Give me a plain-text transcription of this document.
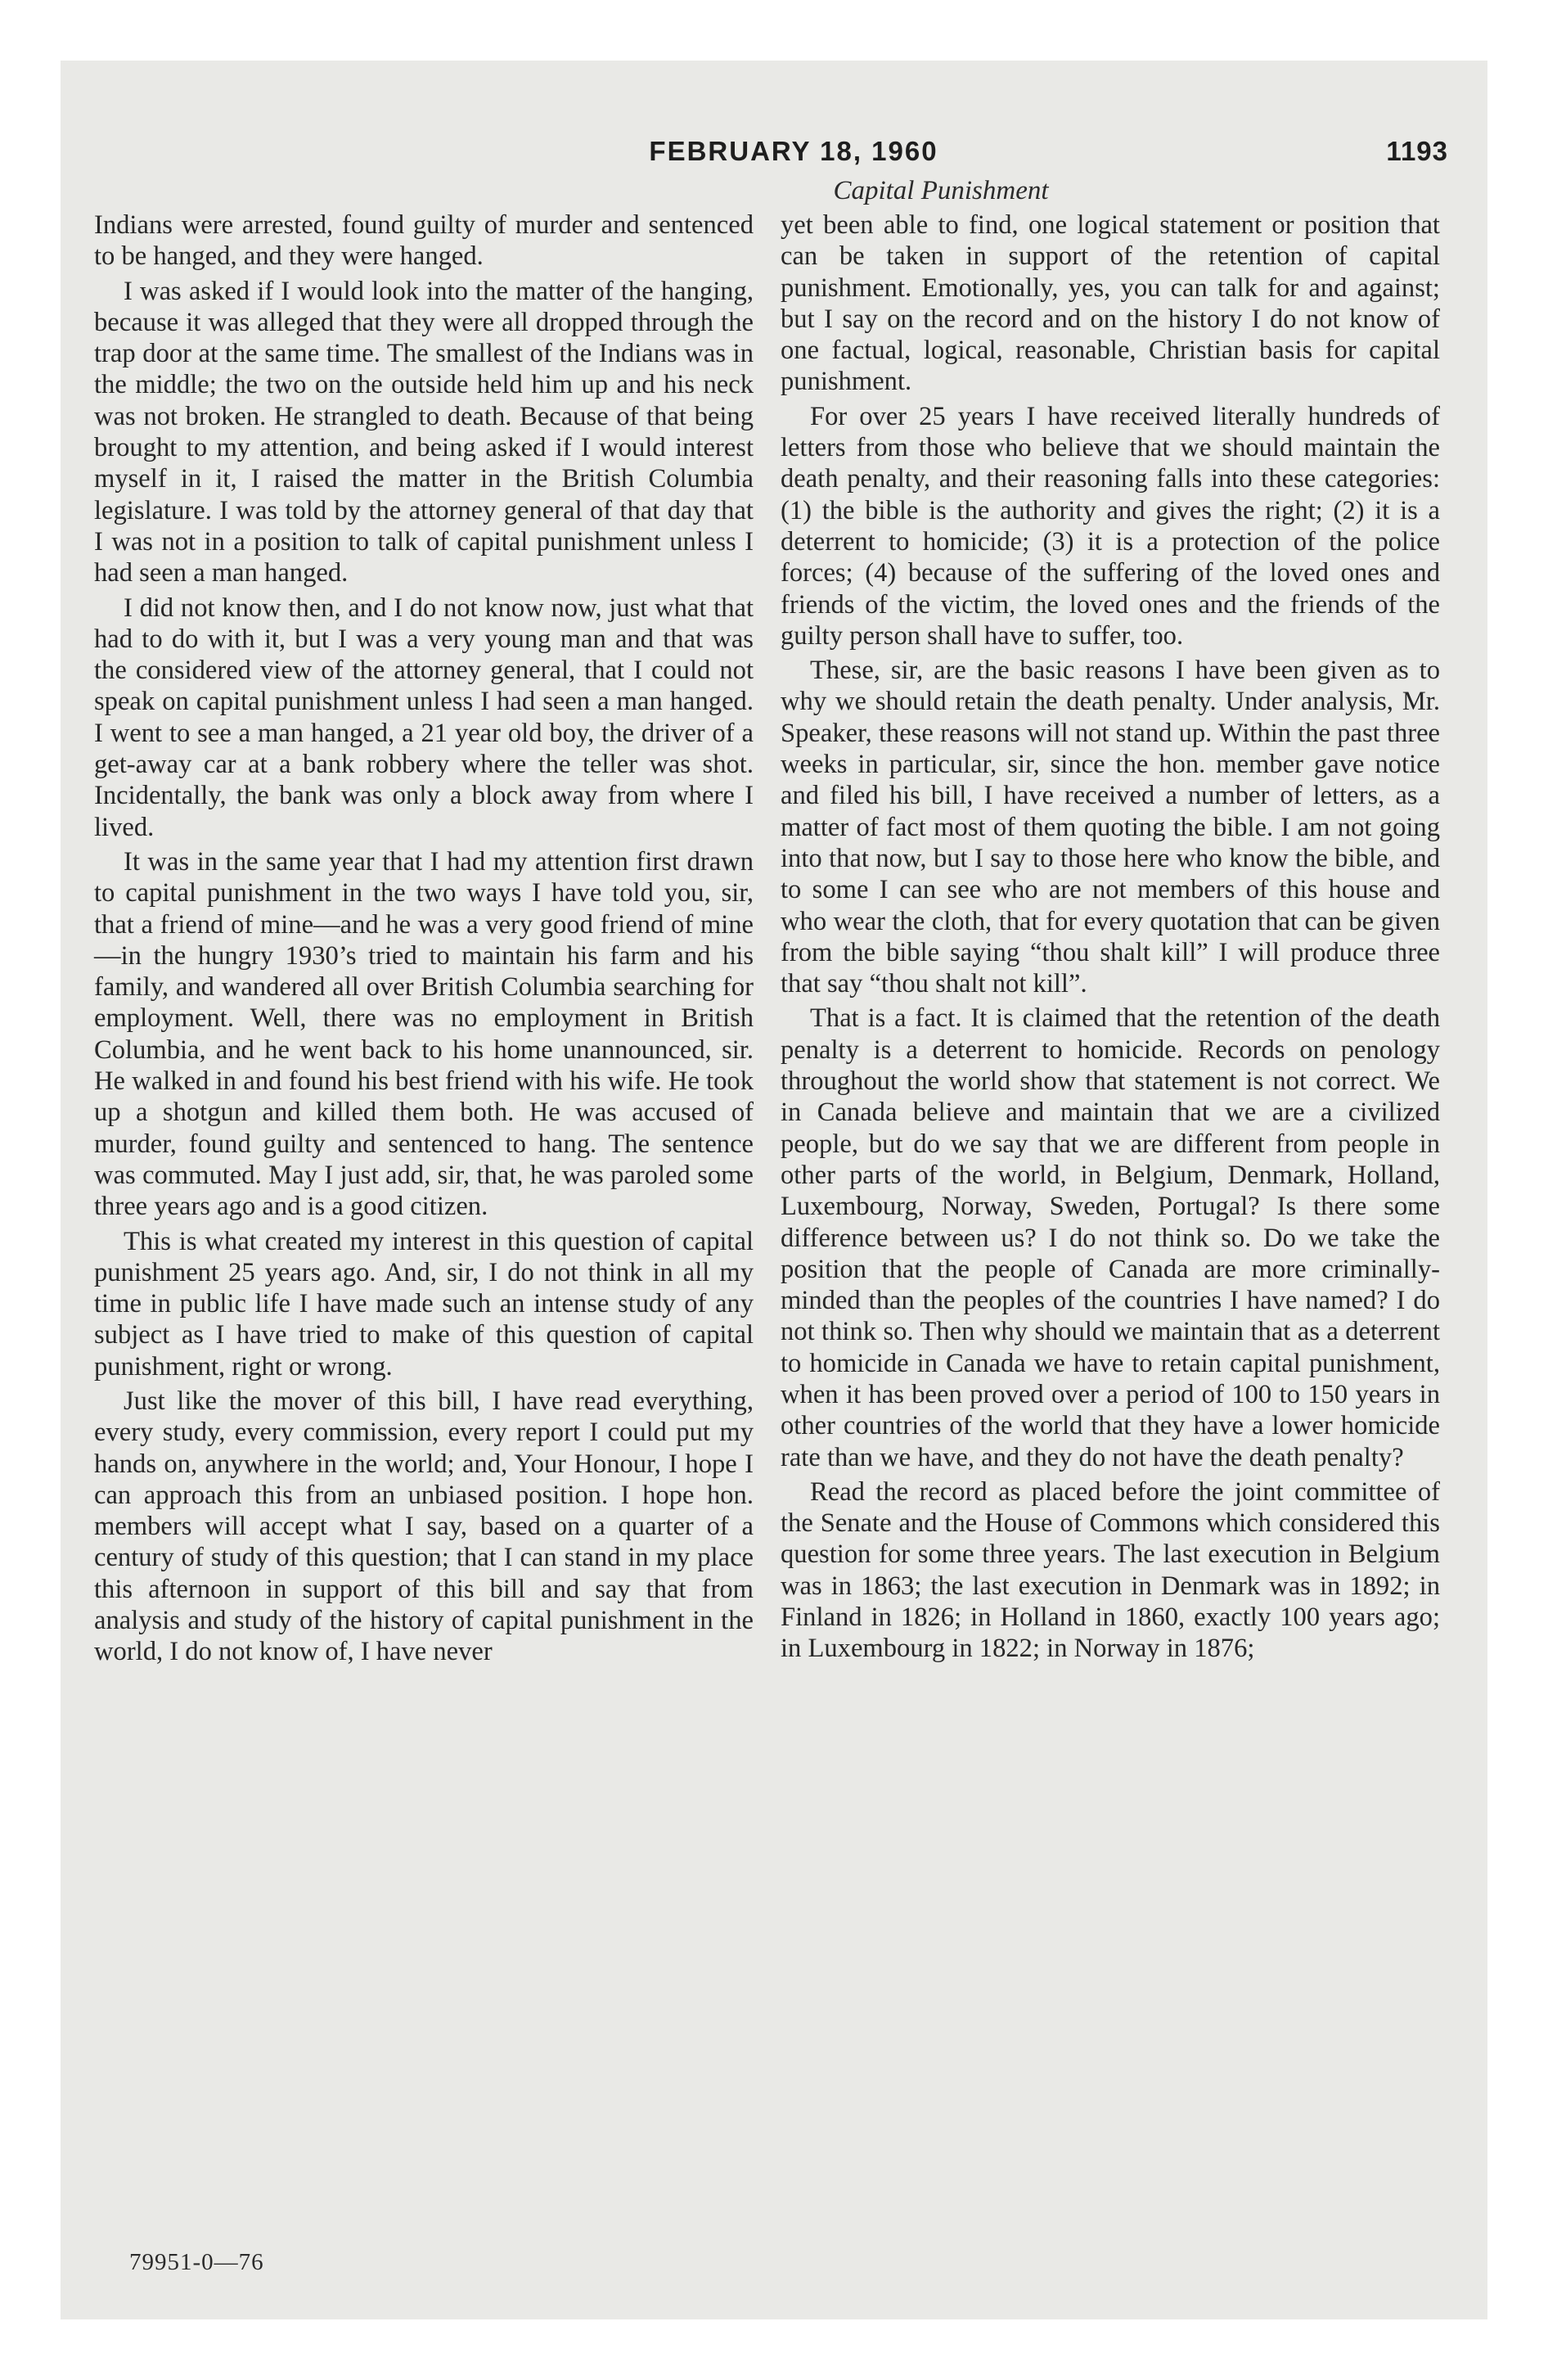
FEBRUARY 18, 1960	1193
Capital Punishment

Indians were arrested, found guilty of murder and sentenced to be hanged, and they were hanged.

I was asked if I would look into the matter of the hanging, because it was alleged that they were all dropped through the trap door at the same time. The smallest of the Indians was in the middle; the two on the outside held him up and his neck was not broken. He strangled to death. Because of that being brought to my attention, and being asked if I would interest myself in it, I raised the matter in the British Columbia legislature. I was told by the attorney general of that day that I was not in a position to talk of capital punishment unless I had seen a man hanged.

I did not know then, and I do not know now, just what that had to do with it, but I was a very young man and that was the considered view of the attorney general, that I could not speak on capital punishment unless I had seen a man hanged. I went to see a man hanged, a 21 year old boy, the driver of a get-away car at a bank robbery where the teller was shot. Incidentally, the bank was only a block away from where I lived.

It was in the same year that I had my attention first drawn to capital punishment in the two ways I have told you, sir, that a friend of mine—and he was a very good friend of mine—in the hungry 1930’s tried to maintain his farm and his family, and wandered all over British Columbia searching for employment. Well, there was no employment in British Columbia, and he went back to his home unannounced, sir. He walked in and found his best friend with his wife. He took up a shotgun and killed them both. He was accused of murder, found guilty and sentenced to hang. The sentence was commuted. May I just add, sir, that, he was paroled some three years ago and is a good citizen.

This is what created my interest in this question of capital punishment 25 years ago. And, sir, I do not think in all my time in public life I have made such an intense study of any subject as I have tried to make of this question of capital punishment, right or wrong.

Just like the mover of this bill, I have read everything, every study, every commission, every report I could put my hands on, anywhere in the world; and, Your Honour, I hope I can approach this from an unbiased position. I hope hon. members will accept what I say, based on a quarter of a century of study of this question; that I can stand in my place this afternoon in support of this bill and say that from analysis and study of the history of capital punishment in the world, I do not know of, I have never

yet been able to find, one logical statement or position that can be taken in support of the retention of capital punishment. Emotionally, yes, you can talk for and against; but I say on the record and on the history I do not know of one factual, logical, reasonable, Christian basis for capital punishment.

For over 25 years I have received literally hundreds of letters from those who believe that we should maintain the death penalty, and their reasoning falls into these categories: (1) the bible is the authority and gives the right; (2) it is a deterrent to homicide; (3) it is a protection of the police forces; (4) because of the suffering of the loved ones and friends of the victim, the loved ones and the friends of the guilty person shall have to suffer, too.

These, sir, are the basic reasons I have been given as to why we should retain the death penalty. Under analysis, Mr. Speaker, these reasons will not stand up. Within the past three weeks in particular, sir, since the hon. member gave notice and filed his bill, I have received a number of letters, as a matter of fact most of them quoting the bible. I am not going into that now, but I say to those here who know the bible, and to some I can see who are not members of this house and who wear the cloth, that for every quotation that can be given from the bible saying “thou shalt kill” I will produce three that say “thou shalt not kill”.

That is a fact. It is claimed that the retention of the death penalty is a deterrent to homicide. Records on penology throughout the world show that statement is not correct. We in Canada believe and maintain that we are a civilized people, but do we say that we are different from people in other parts of the world, in Belgium, Denmark, Holland, Luxembourg, Norway, Sweden, Portugal? Is there some difference between us? I do not think so. Do we take the position that the people of Canada are more criminally-minded than the peoples of the countries I have named? I do not think so. Then why should we maintain that as a deterrent to homicide in Canada we have to retain capital punishment, when it has been proved over a period of 100 to 150 years in other countries of the world that they have a lower homicide rate than we have, and they do not have the death penalty?

Read the record as placed before the joint committee of the Senate and the House of Commons which considered this question for some three years. The last execution in Belgium was in 1863; the last execution in Denmark was in 1892; in Finland in 1826; in Holland in 1860, exactly 100 years ago; in Luxembourg in 1822; in Norway in 1876;

79951-0—76
